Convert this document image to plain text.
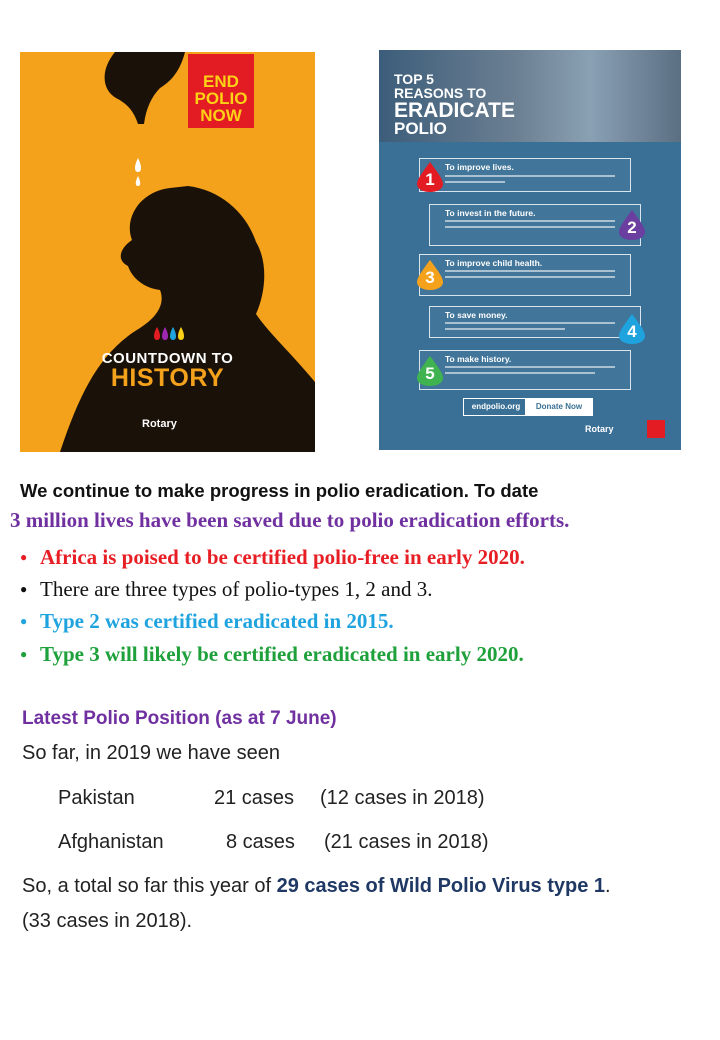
END
POLIO
NOW
COUNTDOWN TO
HISTORY
Rotary
TOP 5
REASONS TO
ERADICATE
POLIO
To improve lives.
1
To invest in the future.
2
To improve child health.
3
To save money.
4
To make history.
5
endpolio.org	Donate Now
Rotary
We continue to make progress in polio eradication. To date
3 million lives have been saved due to polio eradication efforts.
● Africa is poised to be certified polio-free in early 2020.
● There are three types of polio-types 1, 2 and 3.
● Type 2 was certified eradicated in 2015.
● Type 3 will likely be certified eradicated in early 2020.
Latest Polio Position (as at 7 June)
So far, in 2019 we have seen
Pakistan	21 cases (12 cases in 2018)
Afghanistan	8 cases (21 cases in 2018)
So, a total so far this year of 29 cases of Wild Polio Virus type 1.
(33 cases in 2018).
